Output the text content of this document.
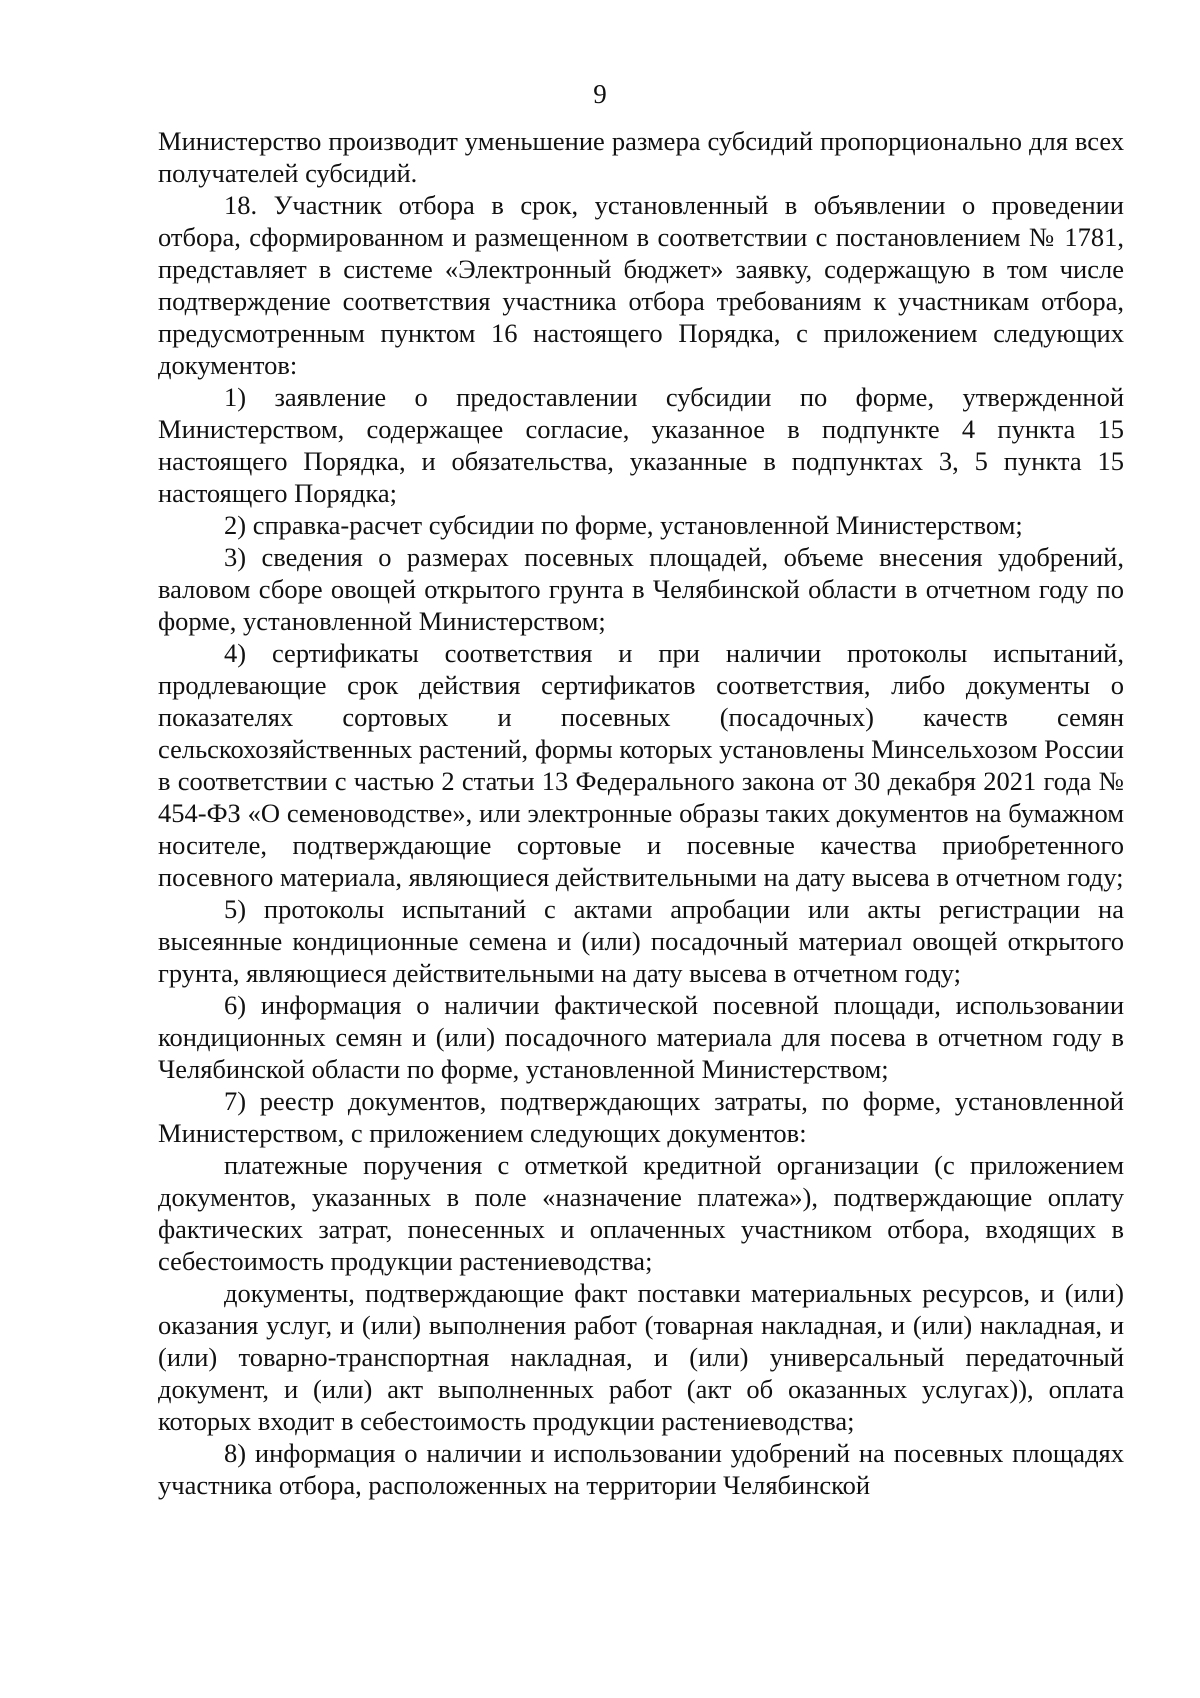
9

Министерство производит уменьшение размера субсидий пропорционально для всех получателей субсидий.

18. Участник отбора в срок, установленный в объявлении о проведении отбора, сформированном и размещенном в соответствии с постановлением № 1781, представляет в системе «Электронный бюджет» заявку, содержащую в том числе подтверждение соответствия участника отбора требованиям к участникам отбора, предусмотренным пунктом 16 настоящего Порядка, с приложением следующих документов:

1) заявление о предоставлении субсидии по форме, утвержденной Министерством, содержащее согласие, указанное в подпункте 4 пункта 15 настоящего Порядка, и обязательства, указанные в подпунктах 3, 5 пункта 15 настоящего Порядка;

2) справка-расчет субсидии по форме, установленной Министерством;

3) сведения о размерах посевных площадей, объеме внесения удобрений, валовом сборе овощей открытого грунта в Челябинской области в отчетном году по форме, установленной Министерством;

4) сертификаты соответствия и при наличии протоколы испытаний, продлевающие срок действия сертификатов соответствия, либо документы о показателях сортовых и посевных (посадочных) качеств семян сельскохозяйственных растений, формы которых установлены Минсельхозом России в соответствии с частью 2 статьи 13 Федерального закона от 30 декабря 2021 года № 454-ФЗ «О семеноводстве», или электронные образы таких документов на бумажном носителе, подтверждающие сортовые и посевные качества приобретенного посевного материала, являющиеся действительными на дату высева в отчетном году;

5) протоколы испытаний с актами апробации или акты регистрации на высеянные кондиционные семена и (или) посадочный материал овощей открытого грунта, являющиеся действительными на дату высева в отчетном году;

6) информация о наличии фактической посевной площади, использовании кондиционных семян и (или) посадочного материала для посева в отчетном году в Челябинской области по форме, установленной Министерством;

7) реестр документов, подтверждающих затраты, по форме, установленной Министерством, с приложением следующих документов:

платежные поручения с отметкой кредитной организации (с приложением документов, указанных в поле «назначение платежа»), подтверждающие оплату фактических затрат, понесенных и оплаченных участником отбора, входящих в себестоимость продукции растениеводства;

документы, подтверждающие факт поставки материальных ресурсов, и (или) оказания услуг, и (или) выполнения работ (товарная накладная, и (или) накладная, и (или) товарно-транспортная накладная, и (или) универсальный передаточный документ, и (или) акт выполненных работ (акт об оказанных услугах)), оплата которых входит в себестоимость продукции растениеводства;

8) информация о наличии и использовании удобрений на посевных площадях участника отбора, расположенных на территории Челябинской
